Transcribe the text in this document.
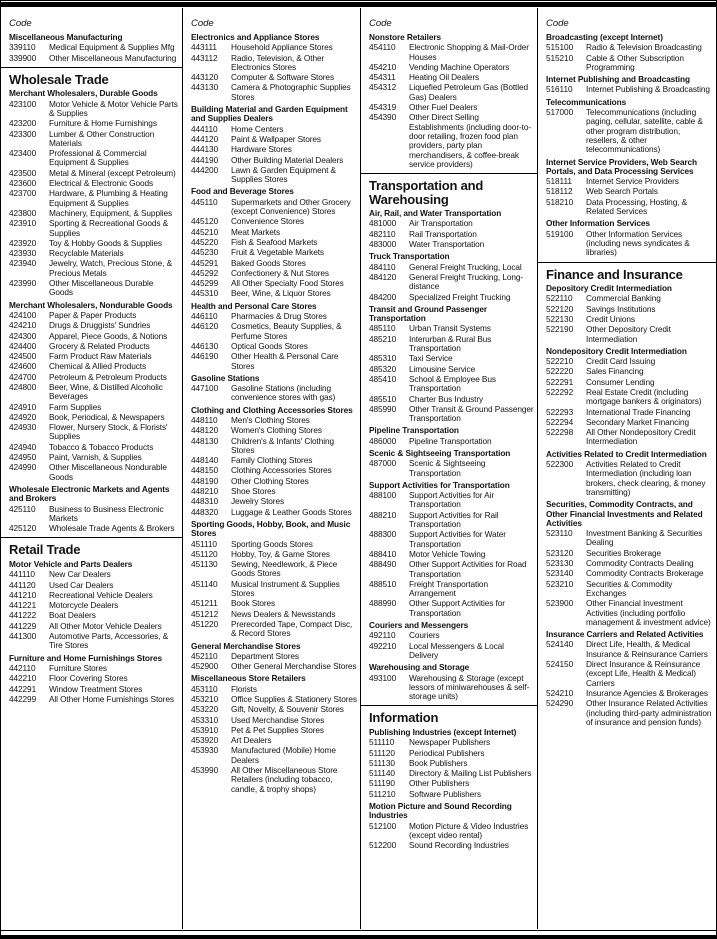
Code
Miscellaneous Manufacturing
339110	Medical Equipment & Supplies Mfg
339900	Other Miscellaneous Manufacturing
Wholesale Trade
Merchant Wholesalers, Durable Goods
423100	Motor Vehicle & Motor Vehicle Parts & Supplies
423200	Furniture & Home Furnishings
423300	Lumber & Other Construction Materials
423400	Professional & Commercial Equipment & Supplies
423500	Metal & Mineral (except Petroleum)
423600	Electrical & Electronic Goods
423700	Hardware, & Plumbing & Heating Equipment & Supplies
423800	Machinery, Equipment, & Supplies
423910	Sporting & Recreational Goods & Supplies
423920	Toy & Hobby Goods & Supplies
423930	Recyclable Materials
423940	Jewelry, Watch, Precious Stone, & Precious Metals
423990	Other Miscellaneous Durable Goods
Merchant Wholesalers, Nondurable Goods
424100	Paper & Paper Products
424210	Drugs & Druggists' Sundries
424300	Apparel, Piece Goods, & Notions
424400	Grocery & Related Products
424500	Farm Product Raw Materials
424600	Chemical & Allied Products
424700	Petroleum & Petroleum Products
424800	Beer, Wine, & Distilled Alcoholic Beverages
424910	Farm Supplies
424920	Book, Periodical, & Newspapers
424930	Flower, Nursery Stock, & Florists' Supplies
424940	Tobacco & Tobacco Products
424950	Paint, Varnish, & Supplies
424990	Other Miscellaneous Nondurable Goods
Wholesale Electronic Markets and Agents and Brokers
425110	Business to Business Electronic Markets
425120	Wholesale Trade Agents & Brokers
Retail Trade
Motor Vehicle and Parts Dealers
441110	New Car Dealers
441120	Used Car Dealers
441210	Recreational Vehicle Dealers
441221	Motorcycle Dealers
441222	Boat Dealers
441229	All Other Motor Vehicle Dealers
441300	Automotive Parts, Accessories, & Tire Stores
Furniture and Home Furnishings Stores
442110	Furniture Stores
442210	Floor Covering Stores
442291	Window Treatment Stores
442299	All Other Home Furnishings Stores
Code
Electronics and Appliance Stores
443111	Household Appliance Stores
443112	Radio, Television, & Other Electronics Stores
443120	Computer & Software Stores
443130	Camera & Photographic Supplies Stores
Building Material and Garden Equipment and Supplies Dealers
444110	Home Centers
444120	Paint & Wallpaper Stores
444130	Hardware Stores
444190	Other Building Material Dealers
444200	Lawn & Garden Equipment & Supplies Stores
Food and Beverage Stores
445110	Supermarkets and Other Grocery (except Convenience) Stores
445120	Convenience Stores
445210	Meat Markets
445220	Fish & Seafood Markets
445230	Fruit & Vegetable Markets
445291	Baked Goods Stores
445292	Confectionery & Nut Stores
445299	All Other Specialty Food Stores
445310	Beer, Wine, & Liquor Stores
Health and Personal Care Stores
446110	Pharmacies & Drug Stores
446120	Cosmetics, Beauty Supplies, & Perfume Stores
446130	Optical Goods Stores
446190	Other Health & Personal Care Stores
Gasoline Stations
447100	Gasoline Stations (including convenience stores with gas)
Clothing and Clothing Accessories Stores
448110	Men's Clothing Stores
448120	Women's Clothing Stores
448130	Children's & Infants' Clothing Stores
448140	Family Clothing Stores
448150	Clothing Accessories Stores
448190	Other Clothing Stores
448210	Shoe Stores
448310	Jewelry Stores
448320	Luggage & Leather Goods Stores
Sporting Goods, Hobby, Book, and Music Stores
451110	Sporting Goods Stores
451120	Hobby, Toy, & Game Stores
451130	Sewing, Needlework, & Piece Goods Stores
451140	Musical Instrument & Supplies Stores
451211	Book Stores
451212	News Dealers & Newsstands
451220	Prerecorded Tape, Compact Disc, & Record Stores
General Merchandise Stores
452110	Department Stores
452900	Other General Merchandise Stores
Miscellaneous Store Retailers
453110	Florists
453210	Office Supplies & Stationery Stores
453220	Gift, Novelty, & Souvenir Stores
453310	Used Merchandise Stores
453910	Pet & Pet Supplies Stores
453920	Art Dealers
453930	Manufactured (Mobile) Home Dealers
453990	All Other Miscellaneous Store Retailers (including tobacco, candle, & trophy shops)
Code
Nonstore Retailers
454110	Electronic Shopping & Mail-Order Houses
454210	Vending Machine Operators
454311	Heating Oil Dealers
454312	Liquefied Petroleum Gas (Bottled Gas) Dealers
454319	Other Fuel Dealers
454390	Other Direct Selling Establishments (including door-to-door retailing, frozen food plan providers, party plan merchandisers, & coffee-break service providers)
Transportation and Warehousing
Air, Rail, and Water Transportation
481000	Air Transportation
482110	Rail Transportation
483000	Water Transportation
Truck Transportation
484110	General Freight Trucking, Local
484120	General Freight Trucking, Long-distance
484200	Specialized Freight Trucking
Transit and Ground Passenger Transportation
485110	Urban Transit Systems
485210	Interurban & Rural Bus Transportation
485310	Taxi Service
485320	Limousine Service
485410	School & Employee Bus Transportation
485510	Charter Bus Industry
485990	Other Transit & Ground Passenger Transportation
Pipeline Transportation
486000	Pipeline Transportation
Scenic & Sightseeing Transportation
487000	Scenic & Sightseeing Transportation
Support Activities for Transportation
488100	Support Activities for Air Transportation
488210	Support Activities for Rail Transportation
488300	Support Activities for Water Transportation
488410	Motor Vehicle Towing
488490	Other Support Activities for Road Transportation
488510	Freight Transportation Arrangement
488990	Other Support Activities for Transportation
Couriers and Messengers
492110	Couriers
492210	Local Messengers & Local Delivery
Warehousing and Storage
493100	Warehousing & Storage (except lessors of miniwarehouses & self-storage units)
Information
Publishing Industries (except Internet)
511110	Newspaper Publishers
511120	Periodical Publishers
511130	Book Publishers
511140	Directory & Mailing List Publishers
511190	Other Publishers
511210	Software Publishers
Motion Picture and Sound Recording Industries
512100	Motion Picture & Video Industries (except video rental)
512200	Sound Recording Industries
Code
Broadcasting (except Internet)
515100	Radio & Television Broadcasting
515210	Cable & Other Subscription Programming
Internet Publishing and Broadcasting
516110	Internet Publishing & Broadcasting
Telecommunications
517000	Telecommunications (including paging, cellular, satellite, cable & other program distribution, resellers, & other telecommunications)
Internet Service Providers, Web Search Portals, and Data Processing Services
518111	Internet Service Providers
518112	Web Search Portals
518210	Data Processing, Hosting, & Related Services
Other Information Services
519100	Other Information Services (including news syndicates & libraries)
Finance and Insurance
Depository Credit Intermediation
522110	Commercial Banking
522120	Savings Institutions
522130	Credit Unions
522190	Other Depository Credit Intermediation
Nondepository Credit Intermediation
522210	Credit Card Issuing
522220	Sales Financing
522291	Consumer Lending
522292	Real Estate Credit (including mortgage bankers & originators)
522293	International Trade Financing
522294	Secondary Market Financing
522298	All Other Nondepository Credit Intermediation
Activities Related to Credit Intermediation
522300	Activities Related to Credit Intermediation (including loan brokers, check clearing, & money transmitting)
Securities, Commodity Contracts, and Other Financial Investments and Related Activities
523110	Investment Banking & Securities Dealing
523120	Securities Brokerage
523130	Commodity Contracts Dealing
523140	Commodity Contracts Brokerage
523210	Securities & Commodity Exchanges
523900	Other Financial Investment Activities (including portfolio management & investment advice)
Insurance Carriers and Related Activities
524140	Direct Life, Health, & Medical Insurance & Reinsurance Carriers
524150	Direct Insurance & Reinsurance (except Life, Health & Medical) Carriers
524210	Insurance Agencies & Brokerages
524290	Other Insurance Related Activities (including third-party administration of insurance and pension funds)
